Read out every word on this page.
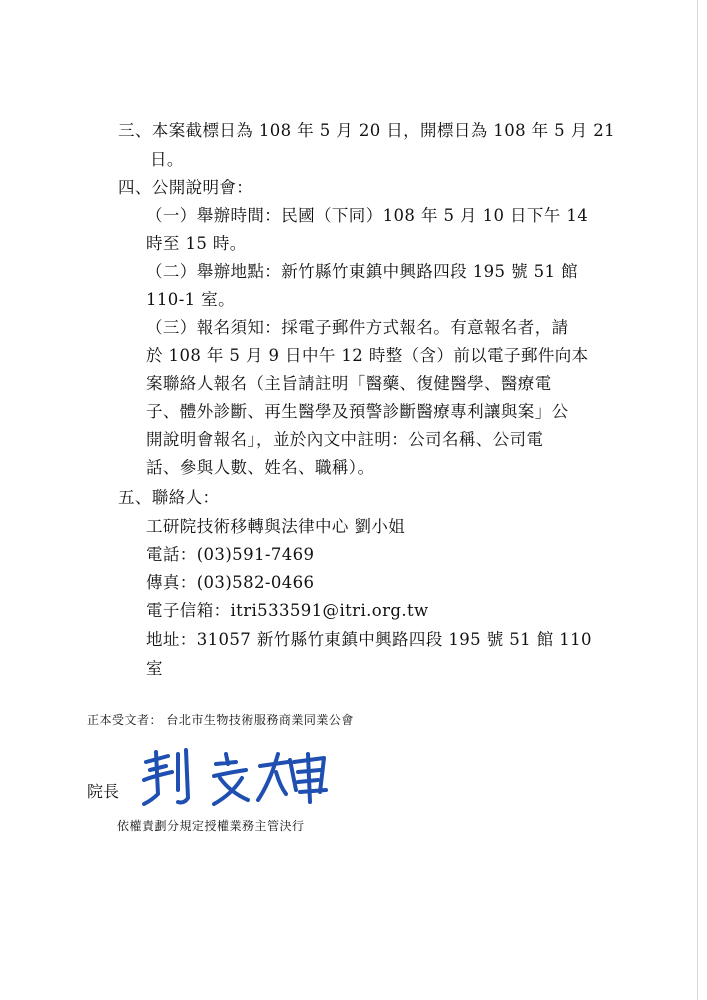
三、本案截標日為 108 年 5 月 20 日，開標日為 108 年 5 月 21
日。
四、公開說明會：
（一）舉辦時間：民國（下同）108 年 5 月 10 日下午 14
時至 15 時。
（二）舉辦地點：新竹縣竹東鎮中興路四段 195 號 51 館
110-1 室。
（三）報名須知：採電子郵件方式報名。有意報名者，請
於 108 年 5 月 9 日中午 12 時整（含）前以電子郵件向本
案聯絡人報名（主旨請註明「醫藥、復健醫學、醫療電
子、體外診斷、再生醫學及預警診斷醫療專利讓與案」公
開說明會報名」，並於內文中註明：公司名稱、公司電
話、參與人數、姓名、職稱）。
五、聯絡人：
工研院技術移轉與法律中心 劉小姐
電話：(03)591-7469
傳真：(03)582-0466
電子信箱：itri533591@itri.org.tw
地址：31057 新竹縣竹東鎮中興路四段 195 號 51 館 110
室
正本受文者： 台北市生物技術服務商業同業公會
院長
依權責劃分規定授權業務主管決行
